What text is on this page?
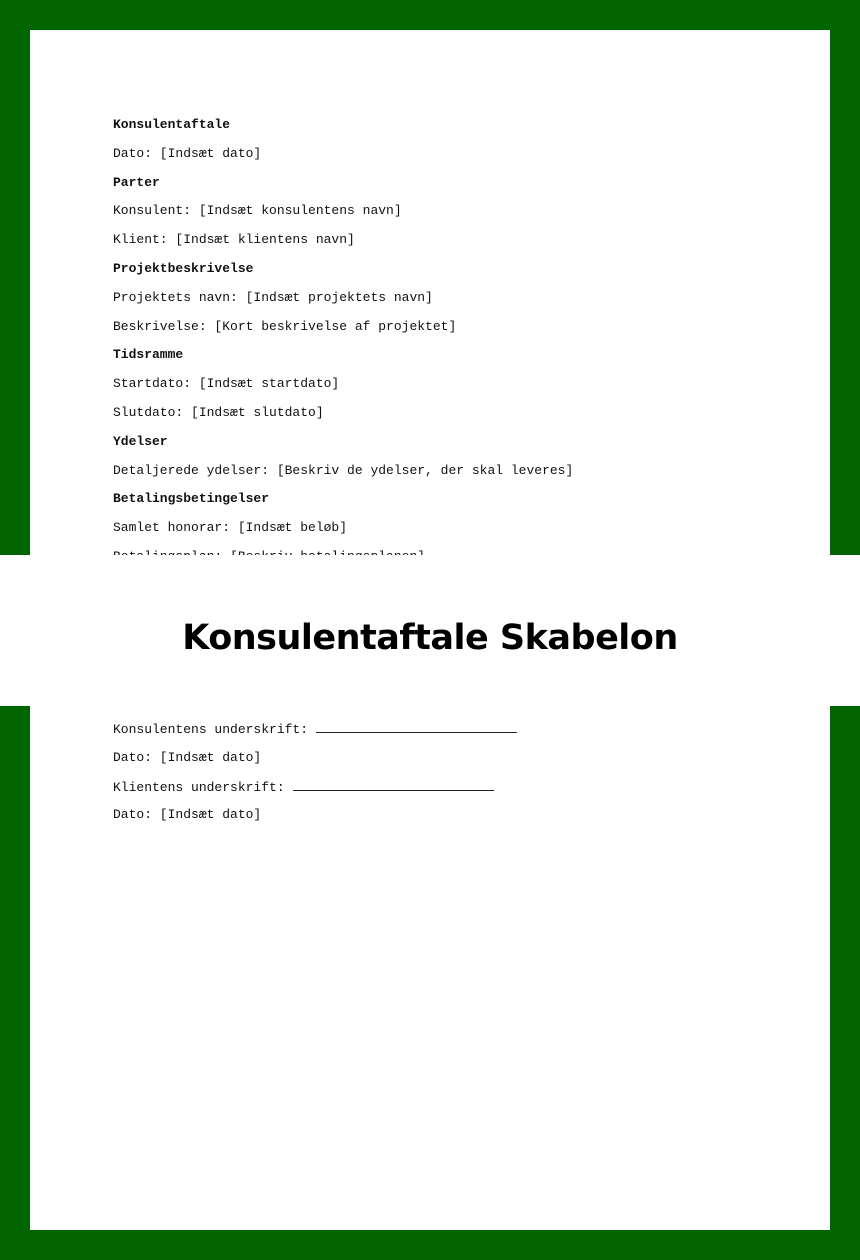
Konsulentaftale
Dato: [Indsæt dato]
Parter
Konsulent: [Indsæt konsulentens navn]
Klient: [Indsæt klientens navn]
Projektbeskrivelse
Projektets navn: [Indsæt projektets navn]
Beskrivelse: [Kort beskrivelse af projektet]
Tidsramme
Startdato: [Indsæt startdato]
Slutdato: [Indsæt slutdato]
Ydelser
Detaljerede ydelser: [Beskriv de ydelser, der skal leveres]
Betalingsbetingelser
Samlet honorar: [Indsæt beløb]
Konsulentens underskrift:
Dato: [Indsæt dato]
Klientens underskrift:
Dato: [Indsæt dato]
Konsulentaftale Skabelon
